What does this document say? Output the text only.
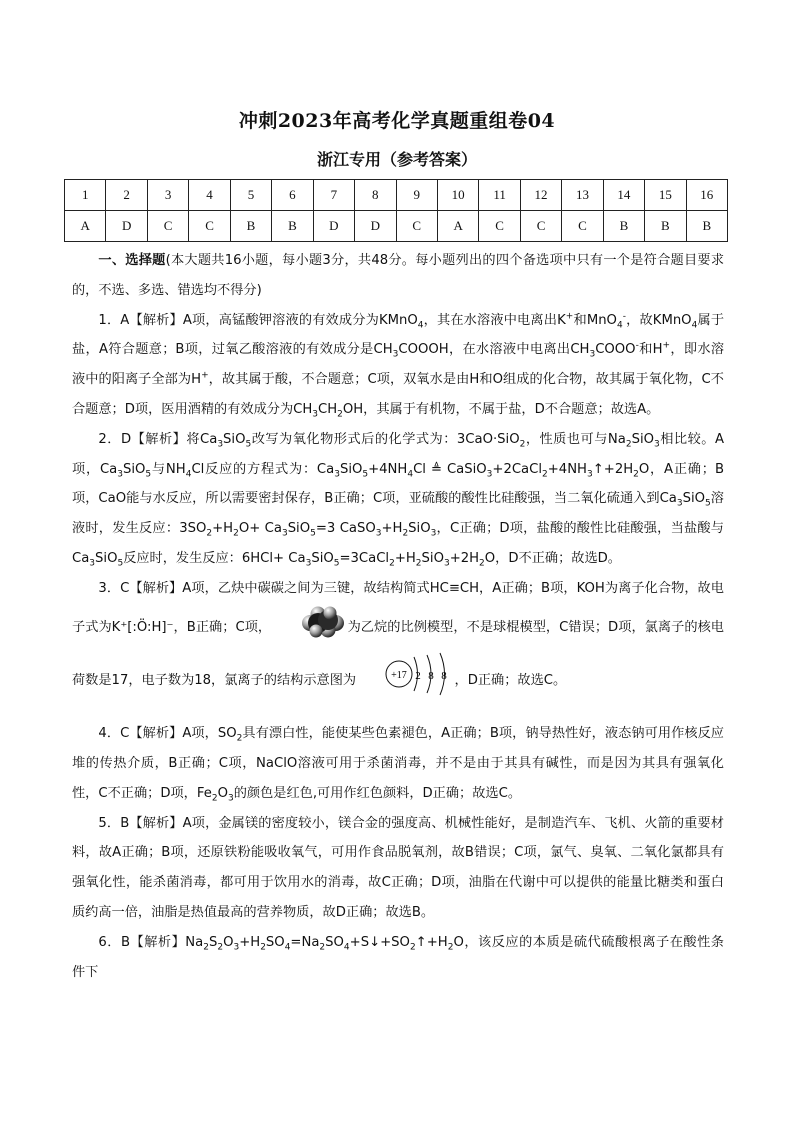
冲刺2023年高考化学真题重组卷04
浙江专用（参考答案）
1	2	3	4	5	6	7	8	9	10	11	12	13	14	15	16
A	D	C	C	B	B	D	D	C	A	C	C	C	B	B	B

一、选择题(本大题共16小题，每小题3分，共48分。每小题列出的四个备选项中只有一个是符合题目要求的，不选、多选、错选均不得分)

1．A【解析】A项，高锰酸钾溶液的有效成分为KMnO$_4$，其在水溶液中电离出K+和MnO$_4$-，故KMnO$_4$属于盐，A符合题意；B项，过氧乙酸溶液的有效成分是$CH_3COOOH$，在水溶液中电离出$CH_3COOO^-$和H+，即水溶液中的阳离子全部为H+，故其属于酸，不合题意；C项，双氧水是由H和O组成的化合物，故其属于氧化物，C不合题意；D项，医用酒精的有效成分为$CH_3CH_2OH$，其属于有机物，不属于盐，D不合题意；故选A。

2．D【解析】将$Ca_3SiO_5$改写为氧化物形式后的化学式为：3CaO·SiO$_2$，性质也可与$Na_2SiO_3$相比较。A项，$Ca_3SiO_5$与$NH_4Cl$反应的方程式为：$Ca_3SiO_5+4NH_4Cl$ ≜ $CaSiO_3+2CaCl_2+4NH_3↑+2H_2O$，A正确；B项，CaO能与水反应，所以需要密封保存，B正确；C项，亚硫酸的酸性比硅酸强，当二氧化硫通入到$Ca_3SiO_5$溶液时，发生反应：$3SO_2+H_2O+ Ca_3SiO_5=3$ $CaSO_3+H_2SiO_3$，C正确；D项，盐酸的酸性比硅酸强，当盐酸与$Ca_3SiO_5$反应时，发生反应：$6HCl+ Ca_3SiO_5=3CaCl_2+H_2SiO_3+2H_2O$，D不正确；故选D。

3．C【解析】A项，乙炔中碳碳之间为三键，故结构简式HC≡CH，A正确；B项，KOH为离子化合物，故电子式为K⁺[:Ö:H]⁻，B正确；C项，	为乙烷的比例模型，不是球棍模型，C错误；D项，氯离子的核电荷数是17，电子数为18，氯离子的结构示意图为	+17 2 8 8 ，D正确；故选C。

4．C【解析】A项，$SO_2$具有漂白性，能使某些色素褪色，A正确；B项，钠导热性好，液态钠可用作核反应堆的传热介质，B正确；C项，NaClO溶液可用于杀菌消毒，并不是由于其具有碱性，而是因为其具有强氧化性，C不正确；D项，$Fe_2O_3$的颜色是红色,可用作红色颜料，D正确；故选C。

5．B【解析】A项，金属镁的密度较小，镁合金的强度高、机械性能好，是制造汽车、飞机、火箭的重要材料，故A正确；B项，还原铁粉能吸收氧气，可用作食品脱氧剂，故B错误；C项，氯气、臭氧、二氧化氯都具有强氧化性，能杀菌消毒，都可用于饮用水的消毒，故C正确；D项，油脂在代谢中可以提供的能量比糖类和蛋白质约高一倍，油脂是热值最高的营养物质，故D正确；故选B。

6．B【解析】$Na_2S_2O_3+H_2SO_4=Na_2SO_4+S↓+SO_2↑+H_2O$，该反应的本质是硫代硫酸根离子在酸性条件下
